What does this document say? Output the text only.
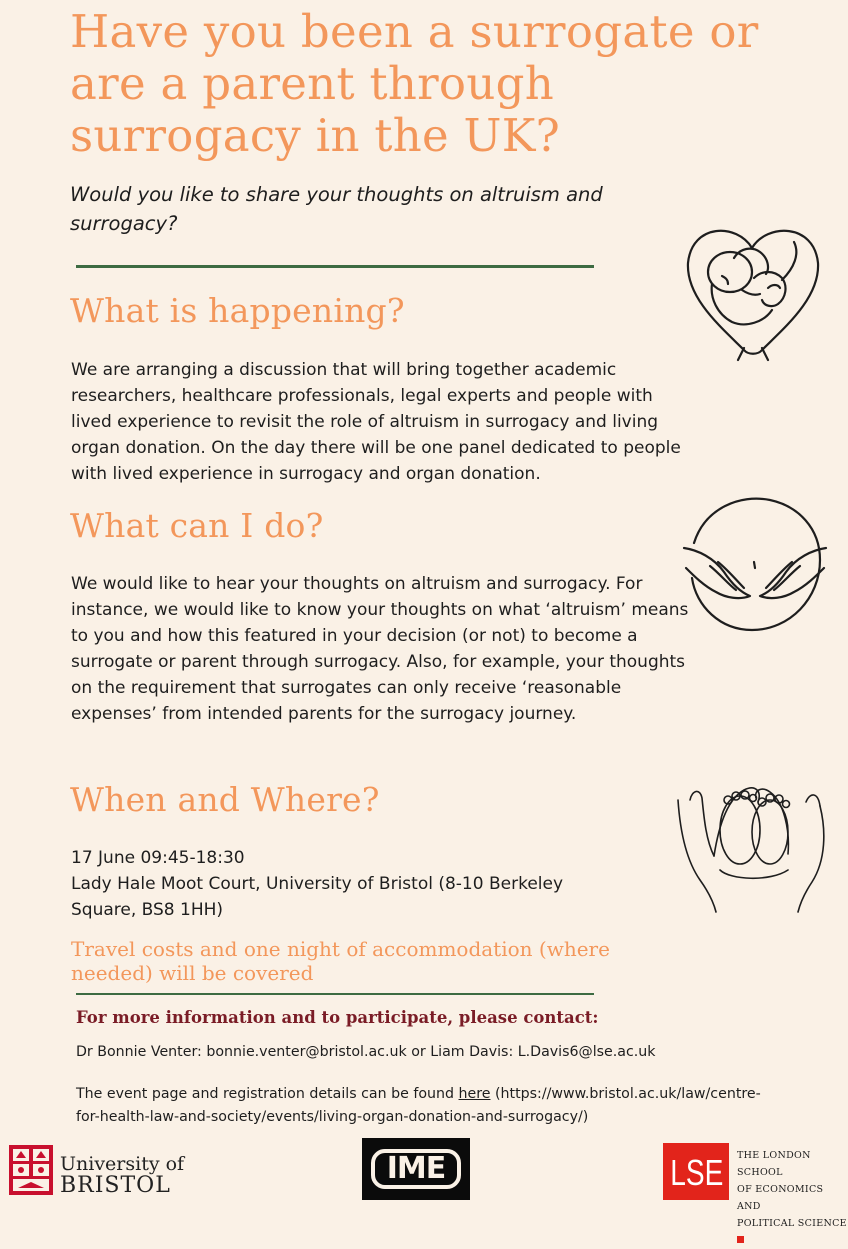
Have you been a surrogate or are a parent through surrogacy in the UK?
Would you like to share your thoughts on altruism and surrogacy?
What is happening?
We are arranging a discussion that will bring together academic researchers, healthcare professionals, legal experts and people with lived experience to revisit the role of altruism in surrogacy and living organ donation. On the day there will be one panel dedicated to people with lived experience in surrogacy and organ donation.
What can I do?
We would like to hear your thoughts on altruism and surrogacy. For instance, we would like to know your thoughts on what ‘altruism’ means to you and how this featured in your decision (or not) to become a surrogate or parent through surrogacy. Also, for example, your thoughts on the requirement that surrogates can only receive ‘reasonable expenses’ from intended parents for the surrogacy journey.
When and Where?
17 June 09:45-18:30
Lady Hale Moot Court, University of Bristol (8-10 Berkeley Square, BS8 1HH)
Travel costs and one night of accommodation (where needed) will be covered
For more information and to participate, please contact:
Dr Bonnie Venter: bonnie.venter@bristol.ac.uk or Liam Davis: L.Davis6@lse.ac.uk
The event page and registration details can be found here (https://www.bristol.ac.uk/law/centre-for-health-law-and-society/events/living-organ-donation-and-surrogacy/)
University of
BRISTOL	IME	LSE THE LONDON SCHOOL
OF ECONOMICS AND
POLITICAL SCIENCE
